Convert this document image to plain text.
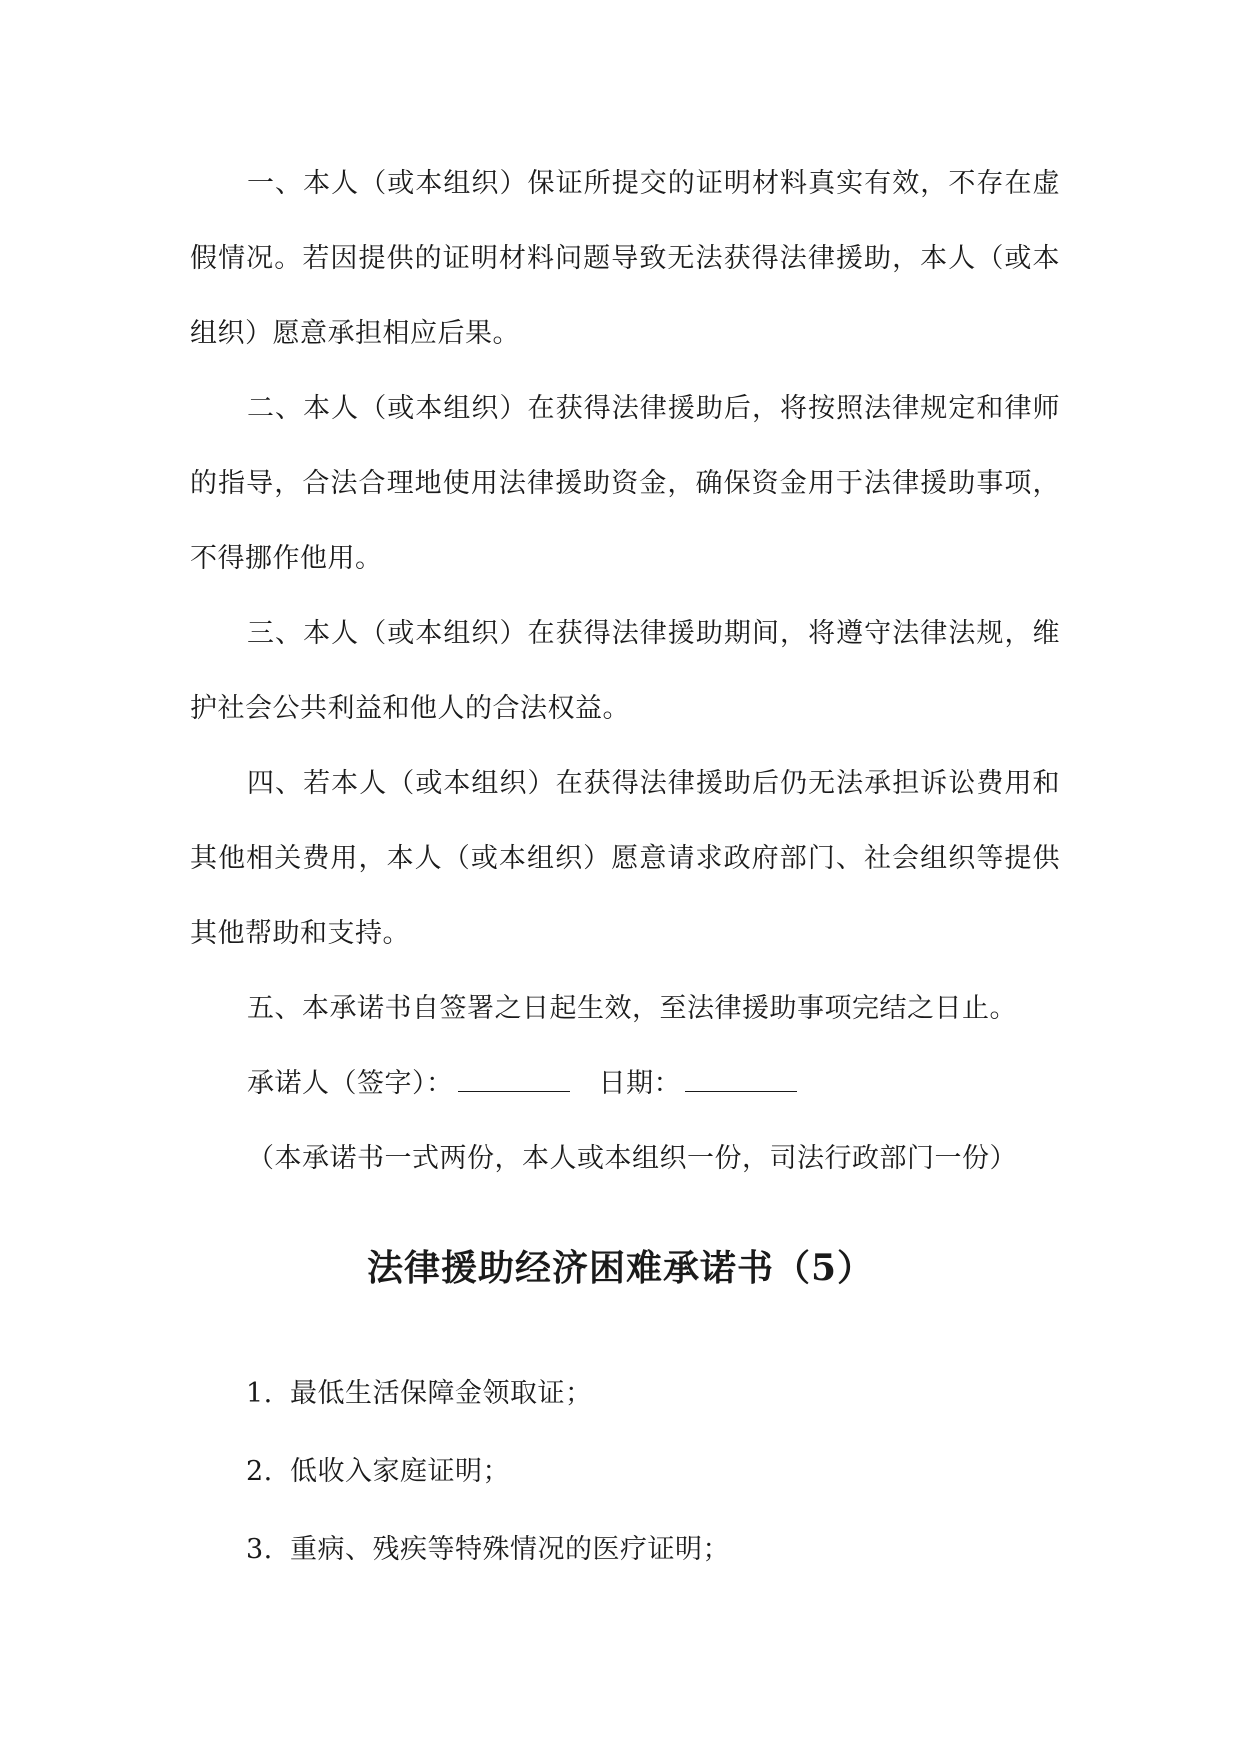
一、本人（或本组织）保证所提交的证明材料真实有效，不存在虚假情况。若因提供的证明材料问题导致无法获得法律援助，本人（或本组织）愿意承担相应后果。

二、本人（或本组织）在获得法律援助后，将按照法律规定和律师的指导，合法合理地使用法律援助资金，确保资金用于法律援助事项，不得挪作他用。

三、本人（或本组织）在获得法律援助期间，将遵守法律法规，维护社会公共利益和他人的合法权益。

四、若本人（或本组织）在获得法律援助后仍无法承担诉讼费用和其他相关费用，本人（或本组织）愿意请求政府部门、社会组织等提供其他帮助和支持。

五、本承诺书自签署之日起生效，至法律援助事项完结之日止。

承诺人（签字）：	日期：

（本承诺书一式两份，本人或本组织一份，司法行政部门一份）

法律援助经济困难承诺书（5）
1. 最低生活保障金领取证；
2. 低收入家庭证明；
3. 重病、残疾等特殊情况的医疗证明；
